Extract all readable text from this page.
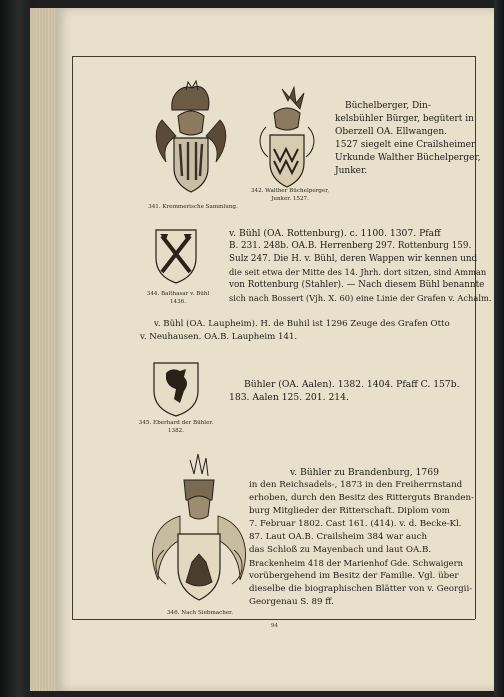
341. Kremmerische Sammlung.
342. Walther Büchelperger,
Junker. 1527.
Büchelberger, Din-
kelsbühler Bürger, begütert in
Oberzell OA. Ellwangen.
1527 siegelt eine Crailsheimer
Urkunde Walther Büchelperger,
Junker.
344. Balthasar v. Bühl
1436.
v. Bühl (OA. Rottenburg). c. 1100. 1307. Pfaff
B. 231. 248b. OA.B. Herrenberg 297. Rottenburg 159.
Sulz 247. Die H. v. Bühl, deren Wappen wir kennen und
die seit etwa der Mitte des 14. Jhrh. dort sitzen, sind Amman
von Rottenburg (Stahler). — Nach diesem Bühl benannte
sich nach Bossert (Vjh. X. 60) eine Linie der Grafen v. Achalm.
v. Bühl (OA. Laupheim). H. de Buhil ist 1296 Zeuge des Grafen Otto
v. Neuhausen. OA.B. Laupheim 141.
345. Eberhard der Bühler.
1382.
Bühler (OA. Aalen). 1382. 1404. Pfaff C. 157b.
183. Aalen 125. 201. 214.
346. Nach Siebmacher.
v. Bühler zu Brandenburg, 1769
in den Reichsadels-, 1873 in den Freiherrnstand
erhoben, durch den Besitz des Ritterguts Branden-
burg Mitglieder der Ritterschaft. Diplom vom
7. Februar 1802. Cast 161. (414). v. d. Becke-Kl.
87. Laut OA.B. Crailsheim 384 war auch
das Schloß zu Mayenbach und laut OA.B.
Brackenheim 418 der Marienhof Gde. Schwaigern
vorübergehend im Besitz der Familie. Vgl. über
dieselbe die biographischen Blätter von v. Georgii-
Georgenau S. 89 ff.
94
